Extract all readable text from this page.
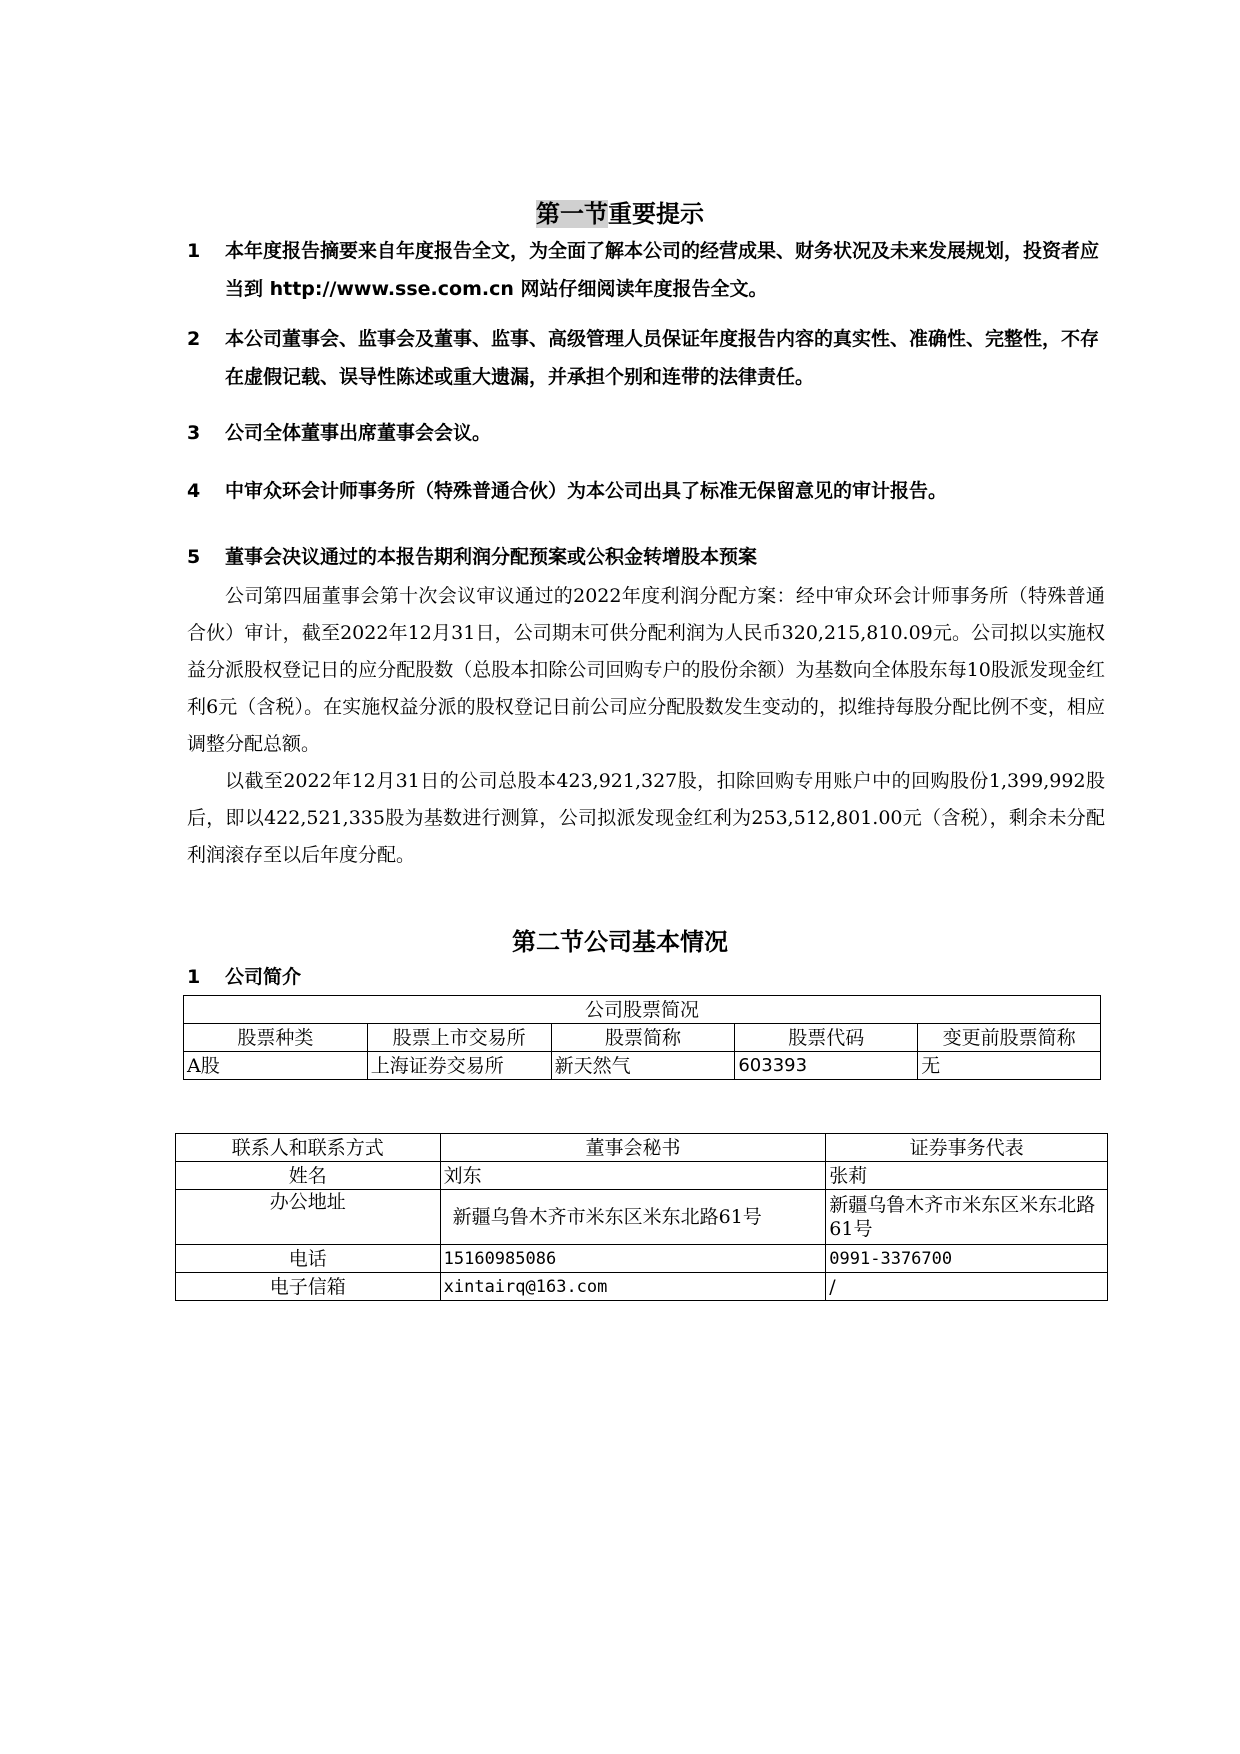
第一节重要提示
1 本年度报告摘要来自年度报告全文，为全面了解本公司的经营成果、财务状况及未来发展规划，投资者应当到 http://www.sse.com.cn 网站仔细阅读年度报告全文。
2 本公司董事会、监事会及董事、监事、高级管理人员保证年度报告内容的真实性、准确性、完整性，不存在虚假记载、误导性陈述或重大遗漏，并承担个别和连带的法律责任。
3 公司全体董事出席董事会会议。
4 中审众环会计师事务所（特殊普通合伙）为本公司出具了标准无保留意见的审计报告。
5 董事会决议通过的本报告期利润分配预案或公积金转增股本预案

公司第四届董事会第十次会议审议通过的2022年度利润分配方案：经中审众环会计师事务所（特殊普通合伙）审计，截至2022年12月31日，公司期末可供分配利润为人民币320,215,810.09元。公司拟以实施权益分派股权登记日的应分配股数（总股本扣除公司回购专户的股份余额）为基数向全体股东每10股派发现金红利6元（含税）。在实施权益分派的股权登记日前公司应分配股数发生变动的，拟维持每股分配比例不变，相应调整分配总额。

以截至2022年12月31日的公司总股本423,921,327股，扣除回购专用账户中的回购股份1,399,992股后，即以422,521,335股为基数进行测算，公司拟派发现金红利为253,512,801.00元（含税），剩余未分配利润滚存至以后年度分配。

第二节公司基本情况
1 公司简介
公司股票简况				
股票种类	股票上市交易所	股票简称	股票代码	变更前股票简称
A股	上海证券交易所	新天然气	603393	无
联系人和联系方式	董事会秘书	证券事务代表
姓名	刘东	张莉
办公地址	新疆乌鲁木齐市米东区米东北路61号	新疆乌鲁木齐市米东区米东北路61号
电话	15160985086	0991-3376700
电子信箱	xintairq@163.com	/
